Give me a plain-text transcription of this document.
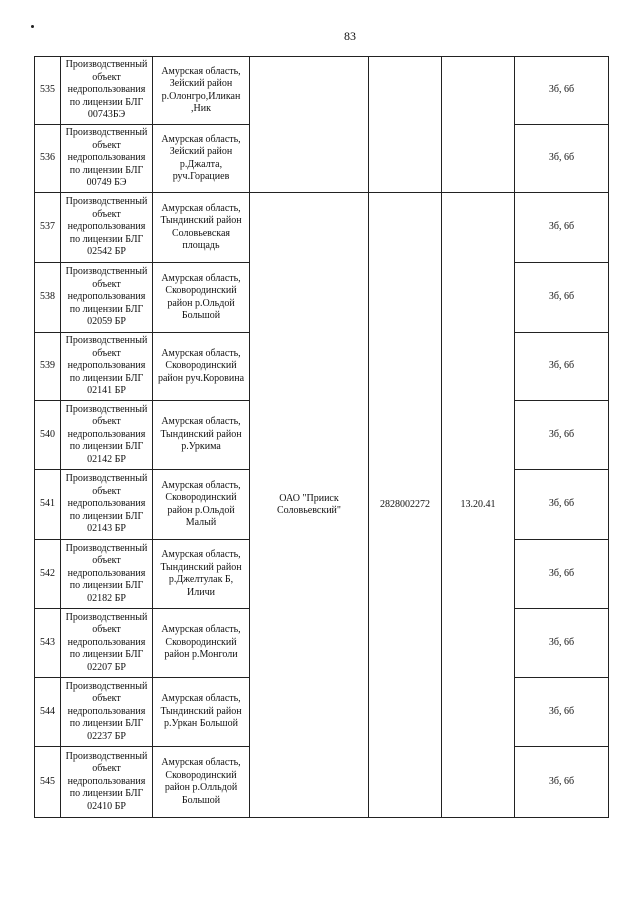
83
535	Производственный объект недропользования по лицензии БЛГ 00743БЭ	Амурская область, Зейский район р.Олонгро,Иликан ,Ник				3б, 6б
536	Производственный объект недропользования по лицензии БЛГ 00749 БЭ	Амурская область, Зейский район р.Джалта, руч.Горациев				3б, 6б
537	Производственный объект недропользования по лицензии БЛГ 02542 БР	Амурская область, Тындинский район Соловьевская площадь	ОАО "Прииск Соловьевский"	2828002272	13.20.41	3б, 6б
538	Производственный объект недропользования по лицензии БЛГ 02059 БР	Амурская область, Сковородинский район р.Ольдой Большой				3б, 6б
539	Производственный объект недропользования по лицензии БЛГ 02141 БР	Амурская область, Сковородинский район руч.Коровина				3б, 6б
540	Производственный объект недропользования по лицензии БЛГ 02142 БР	Амурская область, Тындинский район р.Уркима				3б, 6б
541	Производственный объект недропользования по лицензии БЛГ 02143 БР	Амурская область, Сковородинский район р.Ольдой Малый				3б, 6б
542	Производственный объект недропользования по лицензии БЛГ 02182 БР	Амурская область, Тындинский район р.Джелтулак Б, Иличи				3б, 6б
543	Производственный объект недропользования по лицензии БЛГ 02207 БР	Амурская область, Сковородинский район р.Монголи				3б, 6б
544	Производственный объект недропользования по лицензии БЛГ 02237 БР	Амурская область, Тындинский район р.Уркан Большой				3б, 6б
545	Производственный объект недропользования по лицензии БЛГ 02410 БР	Амурская область, Сковородинский район р.Олльдой Большой				3б, 6б
